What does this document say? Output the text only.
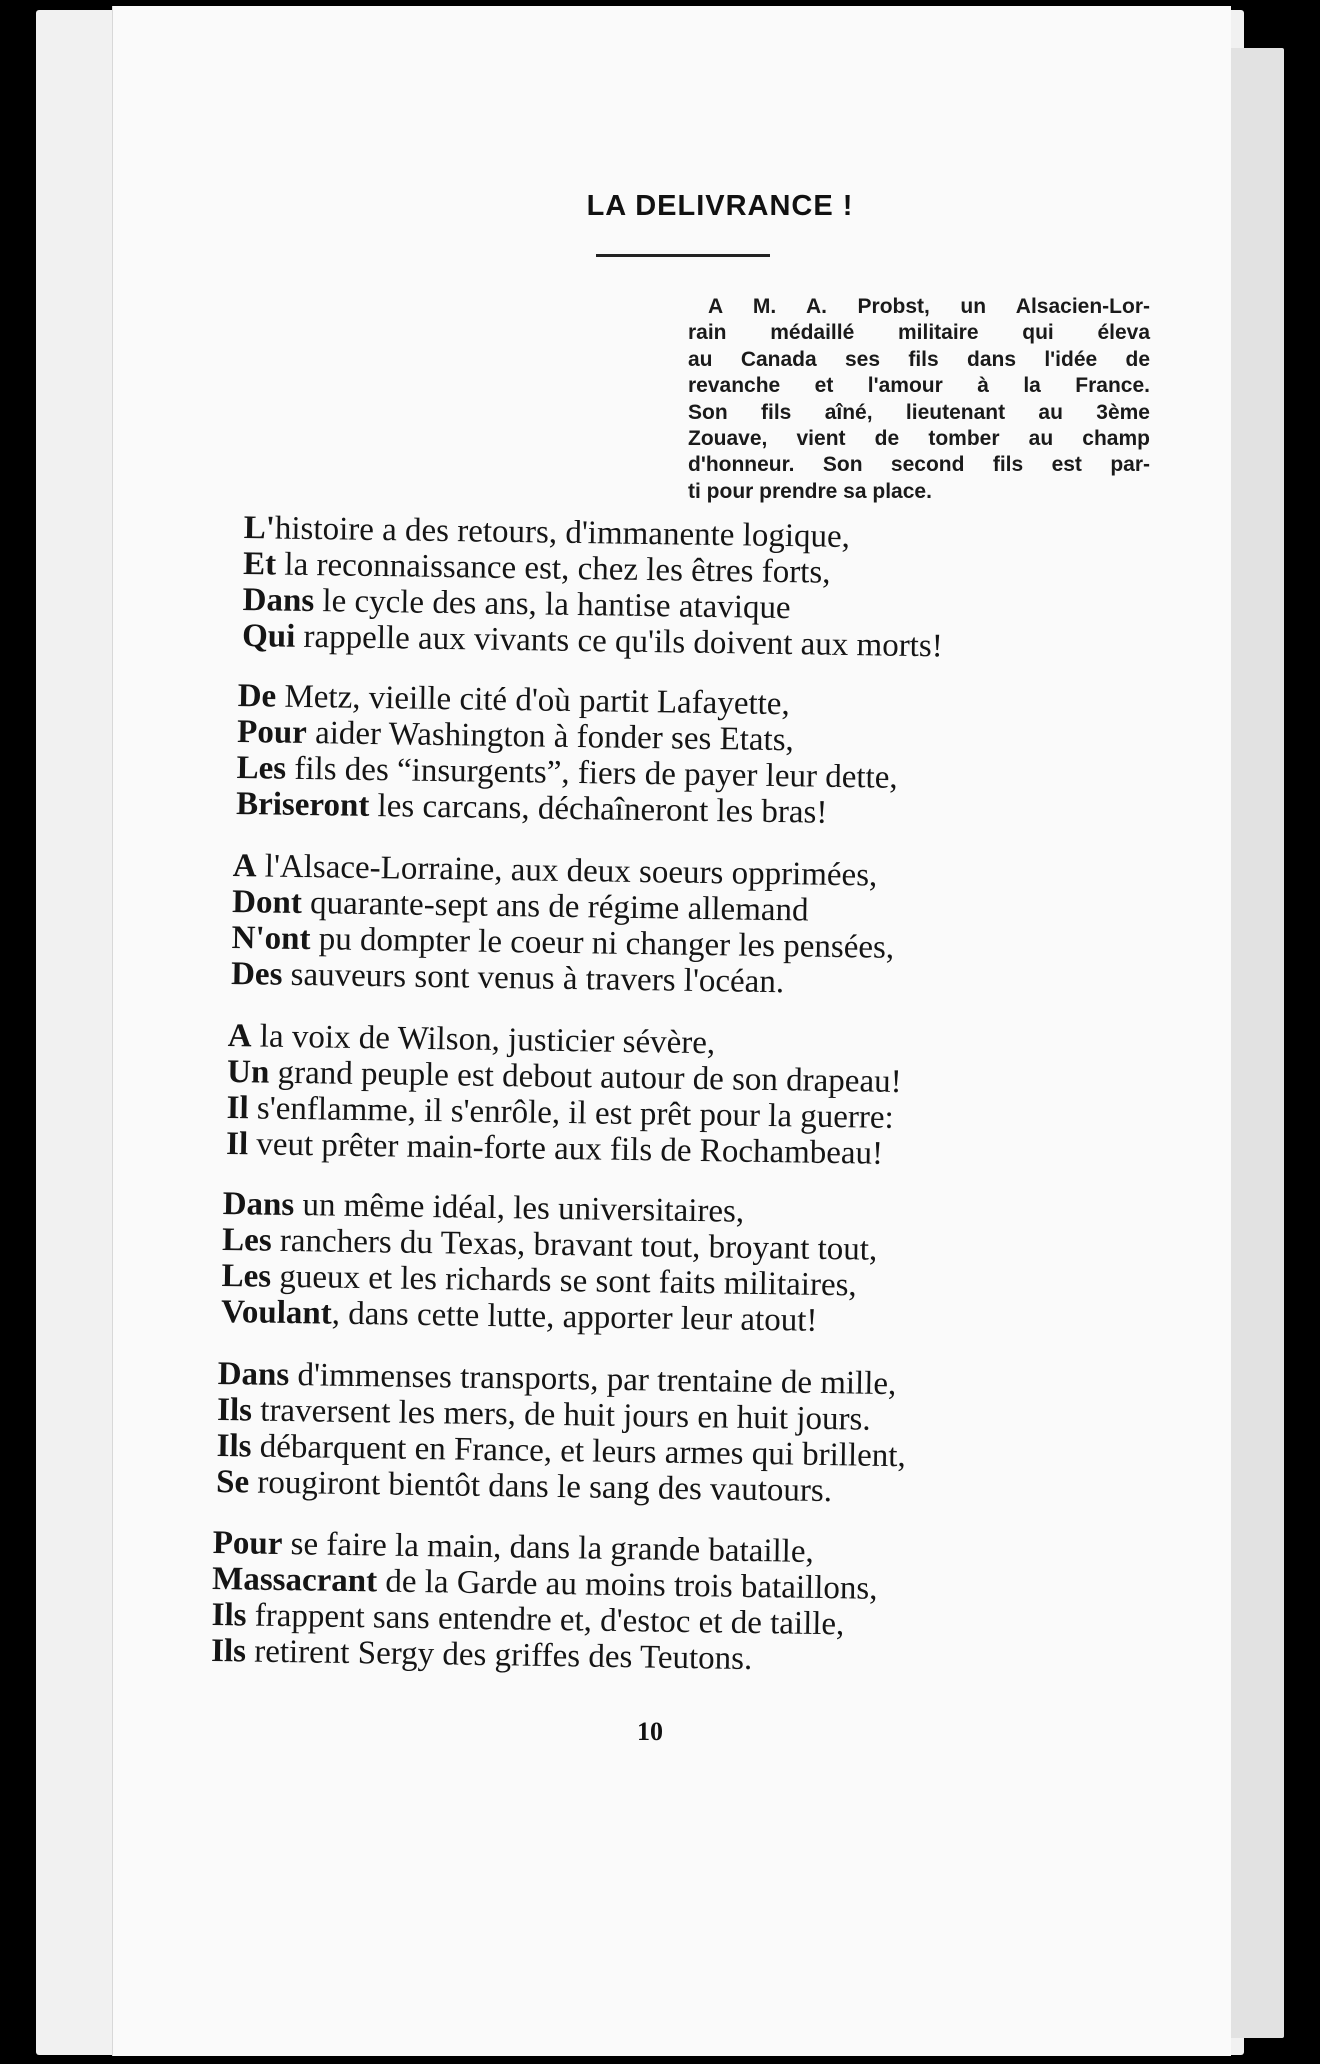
LA DELIVRANCE !
A M. A. Probst, un Alsacien-Lor-
rain médaillé militaire qui éleva
au Canada ses fils dans l'idée de
revanche et l'amour à la France.
Son fils aîné, lieutenant au 3ème
Zouave, vient de tomber au champ
d'honneur. Son second fils est par-
ti pour prendre sa place.
L'histoire a des retours, d'immanente logique,
Et la reconnaissance est, chez les êtres forts,
Dans le cycle des ans, la hantise atavique
Qui rappelle aux vivants ce qu'ils doivent aux morts!
De Metz, vieille cité d'où partit Lafayette,
Pour aider Washington à fonder ses Etats,
Les fils des “insurgents”, fiers de payer leur dette,
Briseront les carcans, déchaîneront les bras!
A l'Alsace-Lorraine, aux deux soeurs opprimées,
Dont quarante-sept ans de régime allemand
N'ont pu dompter le coeur ni changer les pensées,
Des sauveurs sont venus à travers l'océan.
A la voix de Wilson, justicier sévère,
Un grand peuple est debout autour de son drapeau!
Il s'enflamme, il s'enrôle, il est prêt pour la guerre:
Il veut prêter main-forte aux fils de Rochambeau!
Dans un même idéal, les universitaires,
Les ranchers du Texas, bravant tout, broyant tout,
Les gueux et les richards se sont faits militaires,
Voulant, dans cette lutte, apporter leur atout!
Dans d'immenses transports, par trentaine de mille,
Ils traversent les mers, de huit jours en huit jours.
Ils débarquent en France, et leurs armes qui brillent,
Se rougiront bientôt dans le sang des vautours.
Pour se faire la main, dans la grande bataille,
Massacrant de la Garde au moins trois bataillons,
Ils frappent sans entendre et, d'estoc et de taille,
Ils retirent Sergy des griffes des Teutons.
10
